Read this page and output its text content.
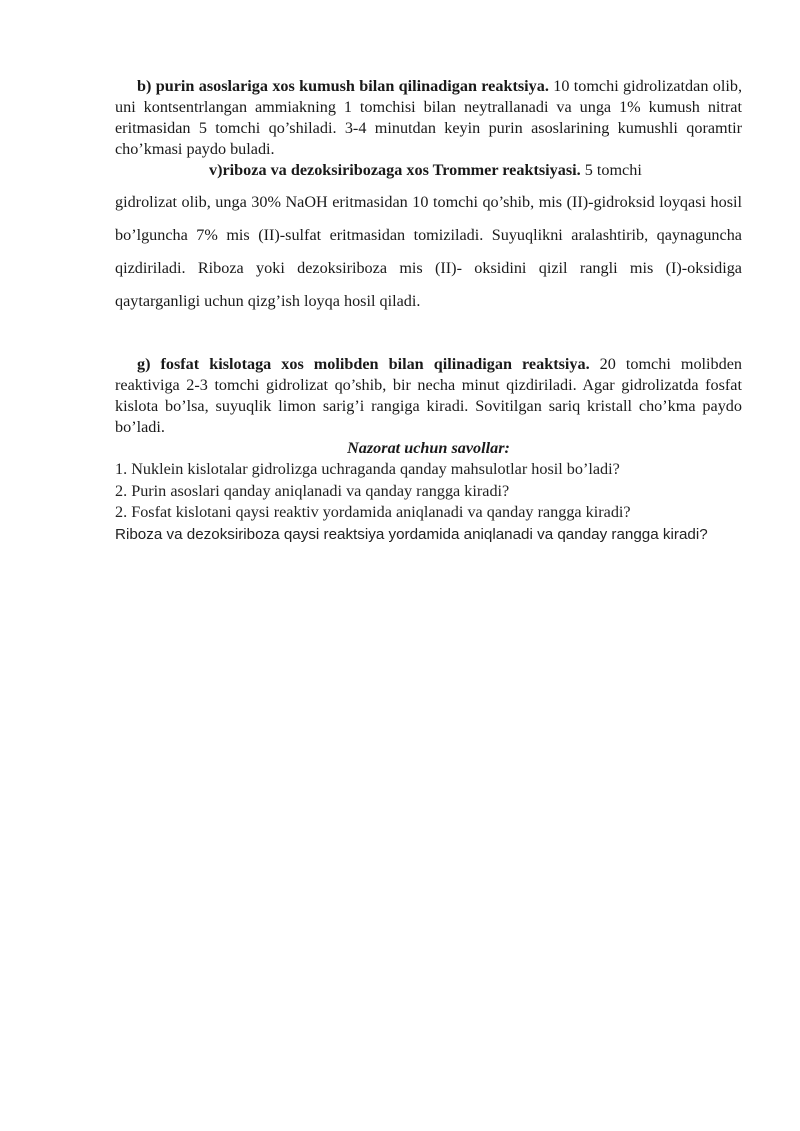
b) purin asoslariga xos kumush bilan qilinadigan reaktsiya. 10 tomchi gidrolizatdan olib, uni kontsentrlangan ammiakning 1 tomchisi bilan neytrallanadi va unga 1% kumush nitrat eritmasidan 5 tomchi qo’shiladi. 3-4 minutdan keyin purin asoslarining kumushli qoramtir cho’kmasi paydo buladi.

v)riboza va dezoksiribozaga xos Trommer reaktsiyasi. 5 tomchi

gidrolizat olib, unga 30% NaOH eritmasidan 10 tomchi qo’shib, mis (II)-gidroksid loyqasi hosil bo’lguncha 7% mis (II)-sulfat eritmasidan tomiziladi. Suyuqlikni aralashtirib, qaynaguncha qizdiriladi. Riboza yoki dezoksiriboza mis (II)- oksidini qizil rangli mis (I)-oksidiga qaytarganligi uchun qizg’ish loyqa hosil qiladi.

g) fosfat kislotaga xos molibden bilan qilinadigan reaktsiya. 20 tomchi molibden reaktiviga 2-3 tomchi gidrolizat qo’shib, bir necha minut qizdiriladi. Agar gidrolizatda fosfat kislota bo’lsa, suyuqlik limon sarig’i rangiga kiradi. Sovitilgan sariq kristall cho’kma paydo bo’ladi.

Nazorat uchun savollar:
1. Nuklein kislotalar gidrolizga uchraganda qanday mahsulotlar hosil bo’ladi?
2. Purin asoslari qanday aniqlanadi va qanday rangga kiradi?
2. Fosfat kislotani qaysi reaktiv yordamida aniqlanadi va qanday rangga kiradi?
Riboza va dezoksiriboza qaysi reaktsiya yordamida aniqlanadi va qanday rangga kiradi?
